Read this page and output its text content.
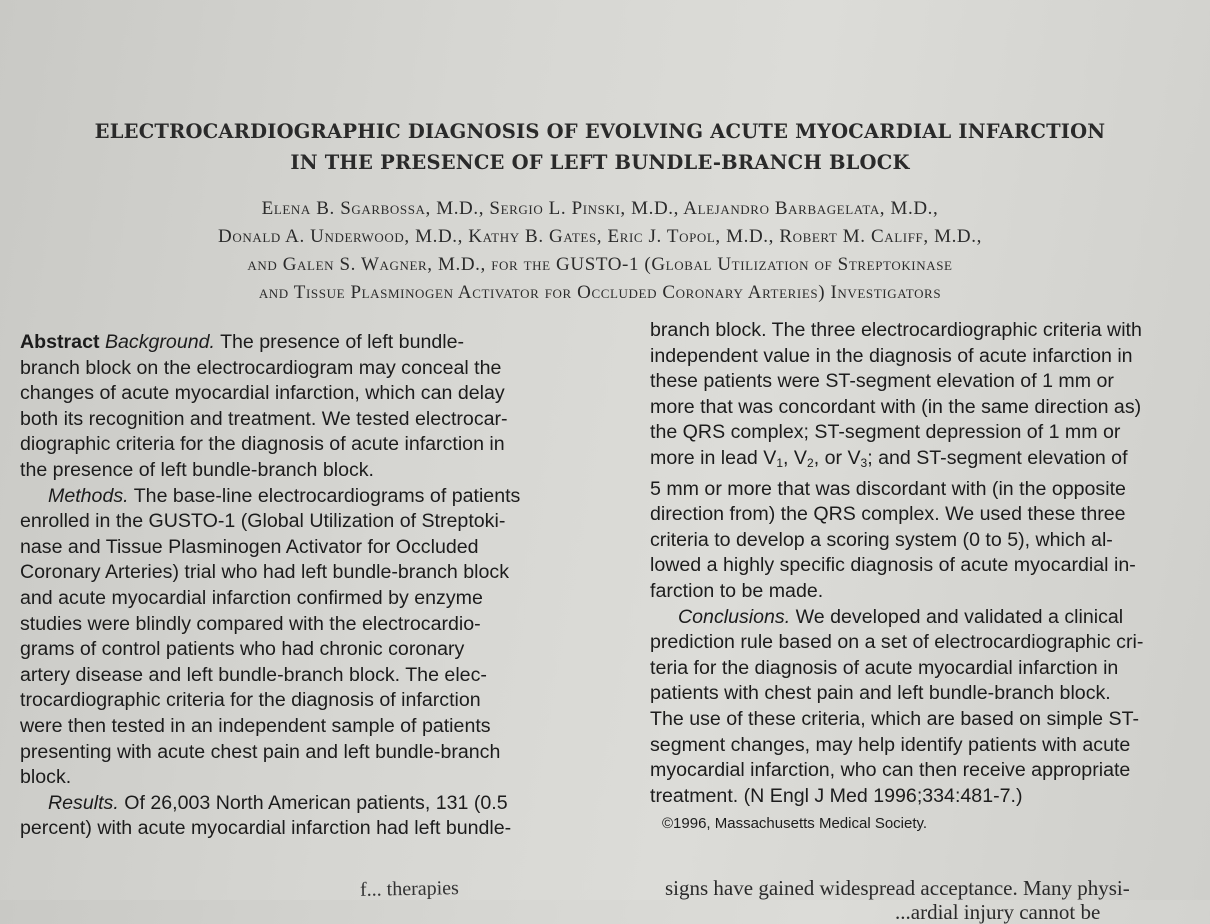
ELECTROCARDIOGRAPHIC DIAGNOSIS OF EVOLVING ACUTE MYOCARDIAL INFARCTION
IN THE PRESENCE OF LEFT BUNDLE-BRANCH BLOCK
Elena B. Sgarbossa, M.D., Sergio L. Pinski, M.D., Alejandro Barbagelata, M.D.,
Donald A. Underwood, M.D., Kathy B. Gates, Eric J. Topol, M.D., Robert M. Califf, M.D.,
and Galen S. Wagner, M.D., for the GUSTO-1 (Global Utilization of Streptokinase
and Tissue Plasminogen Activator for Occluded Coronary Arteries) Investigators
Abstract Background. The presence of left bundle-
branch block on the electrocardiogram may conceal the
changes of acute myocardial infarction, which can delay
both its recognition and treatment. We tested electrocar-
diographic criteria for the diagnosis of acute infarction in
the presence of left bundle-branch block.
Methods. The base-line electrocardiograms of patients
enrolled in the GUSTO-1 (Global Utilization of Streptoki-
nase and Tissue Plasminogen Activator for Occluded
Coronary Arteries) trial who had left bundle-branch block
and acute myocardial infarction confirmed by enzyme
studies were blindly compared with the electrocardio-
grams of control patients who had chronic coronary
artery disease and left bundle-branch block. The elec-
trocardiographic criteria for the diagnosis of infarction
were then tested in an independent sample of patients
presenting with acute chest pain and left bundle-branch
block.
Results. Of 26,003 North American patients, 131 (0.5
percent) with acute myocardial infarction had left bundle-
branch block. The three electrocardiographic criteria with
independent value in the diagnosis of acute infarction in
these patients were ST-segment elevation of 1 mm or
more that was concordant with (in the same direction as)
the QRS complex; ST-segment depression of 1 mm or
more in lead $V_1$, $V_2$, or $V_3$; and ST-segment elevation of
5 mm or more that was discordant with (in the opposite
direction from) the QRS complex. We used these three
criteria to develop a scoring system (0 to 5), which al-
lowed a highly specific diagnosis of acute myocardial in-
farction to be made.
Conclusions. We developed and validated a clinical
prediction rule based on a set of electrocardiographic cri-
teria for the diagnosis of acute myocardial infarction in
patients with chest pain and left bundle-branch block.
The use of these criteria, which are based on simple ST-
segment changes, may help identify patients with acute
myocardial infarction, who can then receive appropriate
treatment. (N Engl J Med 1996;334:481-7.)
©1996, Massachusetts Medical Society.
f... therapies	signs have gained widespread acceptance. Many physi-
...ardial injury cannot be
